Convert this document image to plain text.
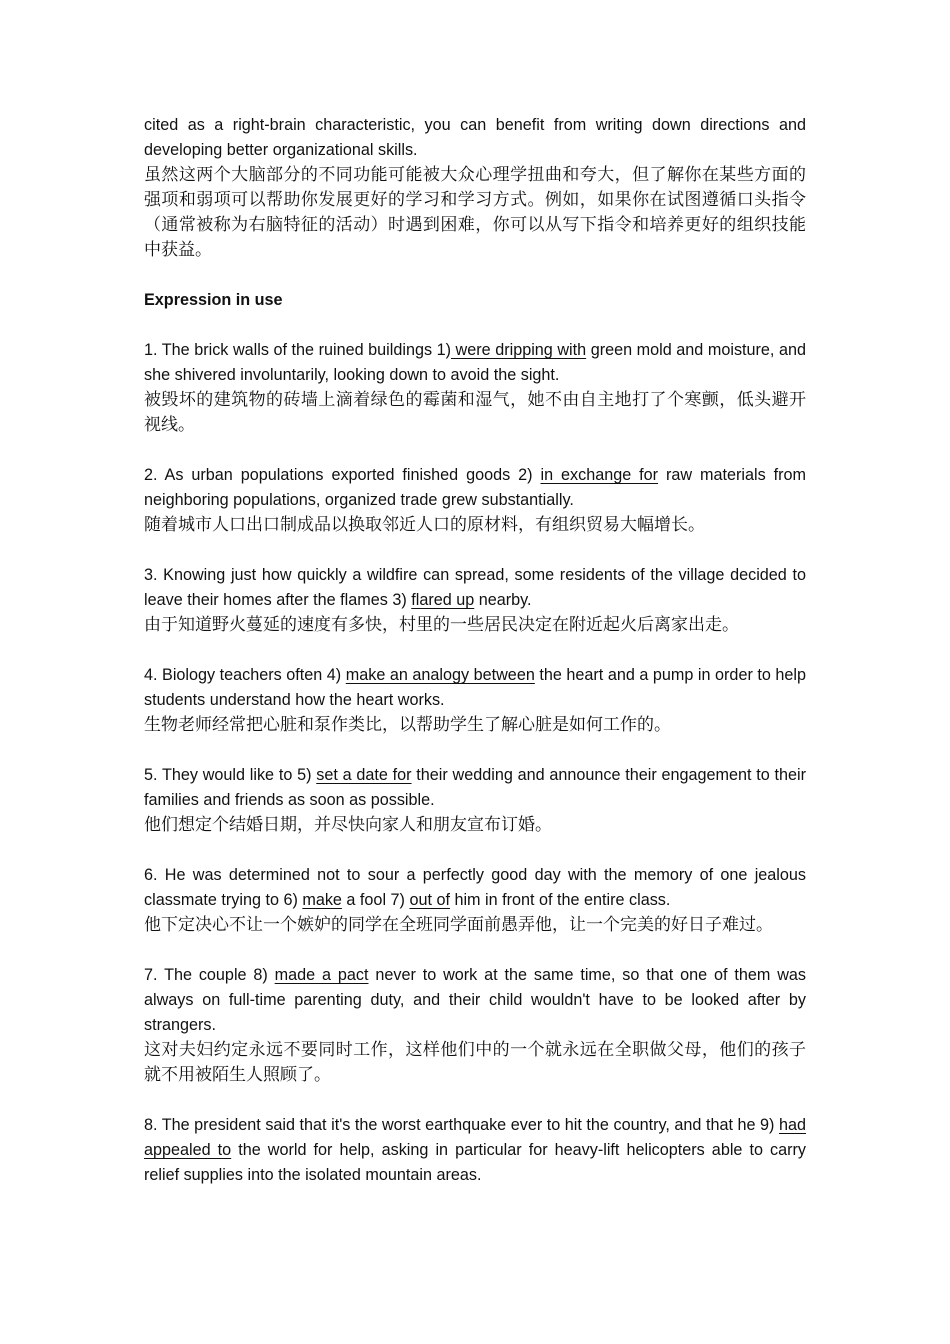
cited as a right-brain characteristic, you can benefit from writing down directions and developing better organizational skills.

虽然这两个大脑部分的不同功能可能被大众心理学扭曲和夸大，但了解你在某些方面的强项和弱项可以帮助你发展更好的学习和学习方式。例如，如果你在试图遵循口头指令（通常被称为右脑特征的活动）时遇到困难，你可以从写下指令和培养更好的组织技能中获益。

Expression in use

1. The brick walls of the ruined buildings 1) were dripping with green mold and moisture, and she shivered involuntarily, looking down to avoid the sight.

被毁坏的建筑物的砖墙上滴着绿色的霉菌和湿气，她不由自主地打了个寒颤，低头避开视线。

2. As urban populations exported finished goods 2) in exchange for raw materials from neighboring populations, organized trade grew substantially.

随着城市人口出口制成品以换取邻近人口的原材料，有组织贸易大幅增长。

3. Knowing just how quickly a wildfire can spread, some residents of the village decided to leave their homes after the flames 3) flared up nearby.

由于知道野火蔓延的速度有多快，村里的一些居民决定在附近起火后离家出走。

4. Biology teachers often 4) make an analogy between the heart and a pump in order to help students understand how the heart works.

生物老师经常把心脏和泵作类比，以帮助学生了解心脏是如何工作的。

5. They would like to 5) set a date for their wedding and announce their engagement to their families and friends as soon as possible.

他们想定个结婚日期，并尽快向家人和朋友宣布订婚。

6. He was determined not to sour a perfectly good day with the memory of one jealous classmate trying to 6) make a fool 7) out of him in front of the entire class.

他下定决心不让一个嫉妒的同学在全班同学面前愚弄他，让一个完美的好日子难过。

7. The couple 8) made a pact never to work at the same time, so that one of them was always on full-time parenting duty, and their child wouldn't have to be looked after by strangers.

这对夫妇约定永远不要同时工作，这样他们中的一个就永远在全职做父母，他们的孩子就不用被陌生人照顾了。

8. The president said that it's the worst earthquake ever to hit the country, and that he 9) had appealed to the world for help, asking in particular for heavy-lift helicopters able to carry relief supplies into the isolated mountain areas.
